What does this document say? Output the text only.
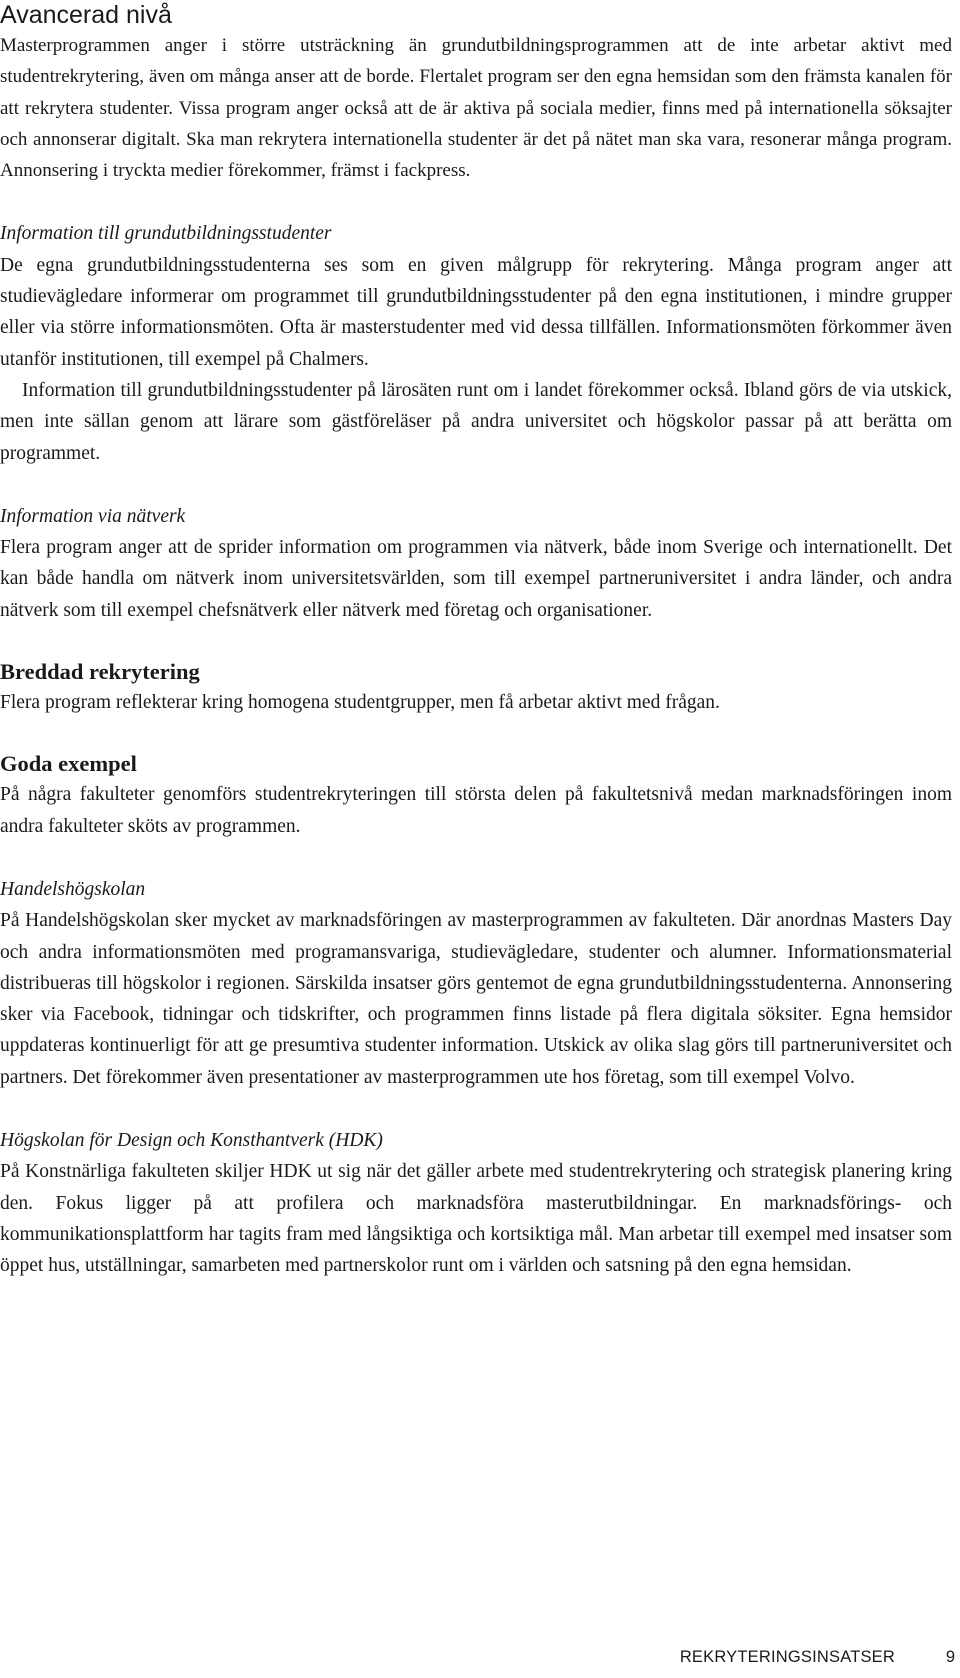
Avancerad nivå

Masterprogrammen anger i större utsträckning än grundutbildningsprogrammen att de inte arbetar aktivt med studentrekrytering, även om många anser att de borde. Flertalet program ser den egna hemsidan som den främsta kanalen för att rekrytera studenter. Vissa program anger också att de är aktiva på sociala medier, finns med på internationella söksajter och annonserar digitalt. Ska man rekrytera internationella studenter är det på nätet man ska vara, resonerar många program. Annonsering i tryckta medier förekommer, främst i fackpress.

Information till grundutbildningsstudenter

De egna grundutbildningsstudenterna ses som en given målgrupp för rekrytering. Många program anger att studievägledare informerar om programmet till grundutbildningsstudenter på den egna institutionen, i mindre grupper eller via större informationsmöten. Ofta är masterstudenter med vid dessa tillfällen. Informationsmöten förkommer även utanför institutionen, till exempel på Chalmers.

Information till grundutbildningsstudenter på lärosäten runt om i landet förekommer också. Ibland görs de via utskick, men inte sällan genom att lärare som gästföreläser på andra universitet och högskolor passar på att berätta om programmet.

Information via nätverk

Flera program anger att de sprider information om programmen via nätverk, både inom Sverige och internationellt. Det kan både handla om nätverk inom universitetsvärlden, som till exempel partneruniversitet i andra länder, och andra nätverk som till exempel chefsnätverk eller nätverk med företag och organisationer.

Breddad rekrytering

Flera program reflekterar kring homogena studentgrupper, men få arbetar aktivt med frågan.

Goda exempel

På några fakulteter genomförs studentrekryteringen till största delen på fakultetsnivå medan marknadsföringen inom andra fakulteter sköts av programmen.

Handelshögskolan

På Handelshögskolan sker mycket av marknadsföringen av masterprogrammen av fakulteten. Där anordnas Masters Day och andra informationsmöten med programansvariga, studievägledare, studenter och alumner. Informationsmaterial distribueras till högskolor i regionen. Särskilda insatser görs gentemot de egna grundutbildningsstudenterna. Annonsering sker via Facebook, tidningar och tidskrifter, och programmen finns listade på flera digitala söksiter. Egna hemsidor uppdateras kontinuerligt för att ge presumtiva studenter information. Utskick av olika slag görs till partneruniversitet och partners. Det förekommer även presentationer av masterprogrammen ute hos företag, som till exempel Volvo.

Högskolan för Design och Konsthantverk (HDK)

På Konstnärliga fakulteten skiljer HDK ut sig när det gäller arbete med studentrekrytering och strategisk planering kring den. Fokus ligger på att profilera och marknadsföra masterutbildningar. En marknadsförings- och kommunikationsplattform har tagits fram med långsiktiga och kortsiktiga mål. Man arbetar till exempel med insatser som öppet hus, utställningar, samarbeten med partnerskolor runt om i världen och satsning på den egna hemsidan.

REKRYTERINGSINSATSER	9
